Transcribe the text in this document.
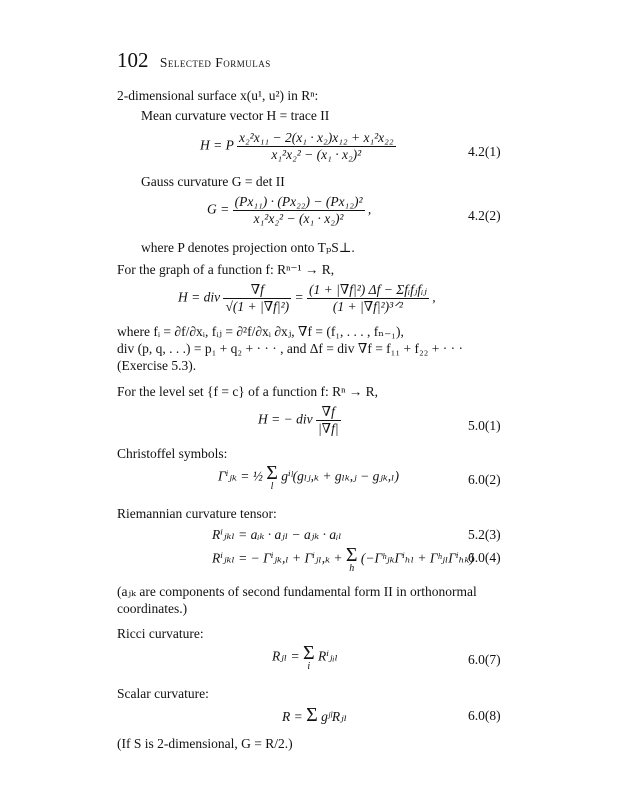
102 Selected Formulas
2-dimensional surface x(u¹, u²) in Rⁿ:
Mean curvature vector H = trace II
H = P $\frac{\text{x₂²x₁₁ − 2(x₁ · x₂)x₁₂ + x₁²x₂₂}}{\text{x₁²x₂² − (x₁ · x₂)²}}$	4.2(1)
Gauss curvature G = det II
$G = \frac{\text{(Px₁₁) · (Px₂₂) − (Px₁₂)²}}{\text{x₁²x₂² − (x₁ · x₂)²}}$ ,	4.2(2)
where P denotes projection onto TₚS⊥.
For the graph of a function f: Rⁿ⁻¹ → R,
H = div $\frac{\nabla f}{\text{√(1 + |∇f|²)}} = \frac{\text{(1 + |∇f|²) Δf − Σfᵢfⱼfᵢⱼ}}{\text{(1 + |∇f|²)³ᐟ²}}$ ,
where fᵢ = ∂f/∂xᵢ, fᵢⱼ = ∂²f/∂xᵢ ∂xⱼ, ∇f = (f₁, . . . , fₙ₋₁),
div (p, q, . . .) = p₁ + q₂ + · · · , and Δf = div ∇f = f₁₁ + f₂₂ + · · ·
(Exercise 5.3).
For the level set {f = c} of a function f: Rⁿ → R,
H = − div $\frac{\nabla f}{|\nabla f|}$	5.0(1)
Christoffel symbols:
Γⁱⱼₖ = ½ Σ
l
gⁱˡ(gₗⱼ,ₖ + gₗₖ,ⱼ − gⱼₖ,ₗ)	6.0(2)
Riemannian curvature tensor:
Rⁱⱼₖₗ = aᵢₖ · aⱼₗ − aⱼₖ · aᵢₗ	5.2(3)
Rⁱⱼₖₗ = − Γⁱⱼₖ,ₗ + Γⁱⱼₗ,ₖ + Σ
h
(−ΓʰⱼₖΓⁱₕₗ + ΓʰⱼₗΓⁱₕₖ)
6.0(4)
(aⱼₖ are components of second fundamental form II in orthonormal
coordinates.)
Ricci curvature:
Rⱼₗ = Σ
i
Rⁱⱼᵢₗ	6.0(7)
Scalar curvature:
R = Σ gʲˡRⱼₗ	6.0(8)
(If S is 2-dimensional, G = R/2.)
